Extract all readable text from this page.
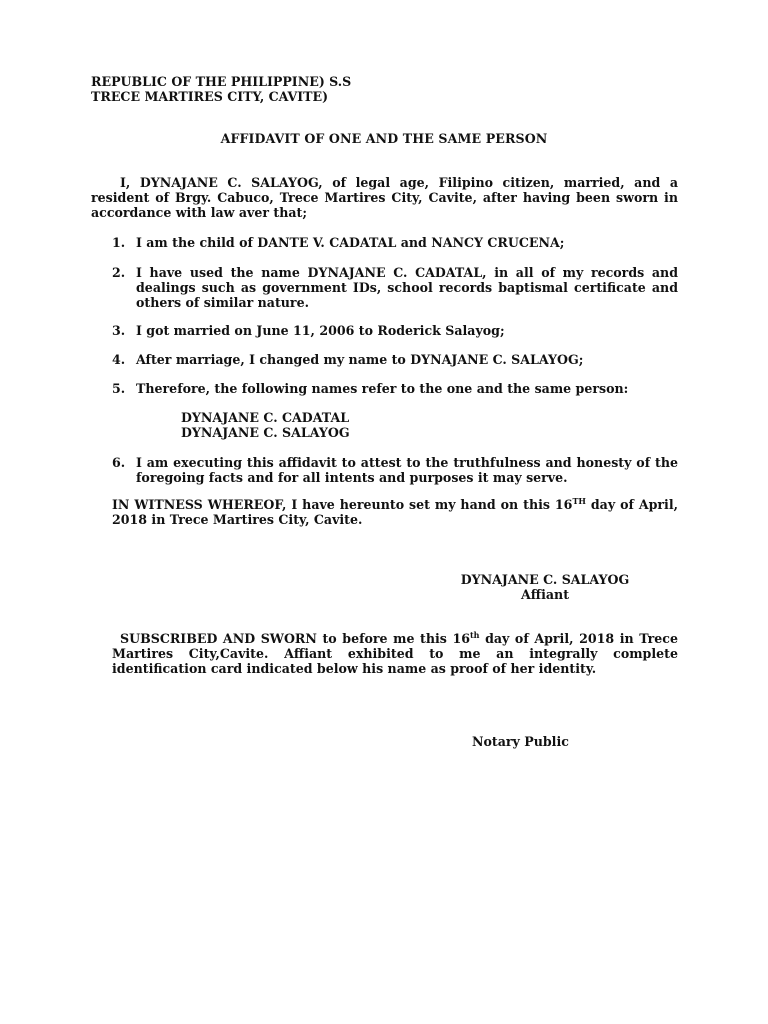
REPUBLIC OF THE PHILIPPINE) S.S
TRECE MARTIRES CITY, CAVITE)
AFFIDAVIT OF ONE AND THE SAME PERSON
I, DYNAJANE C. SALAYOG, of legal age, Filipino citizen, married, and a resident of Brgy. Cabuco, Trece Martires City, Cavite, after having been sworn in accordance with law aver that;
1. I am the child of DANTE V. CADATAL and NANCY CRUCENA;
2. I have used the name DYNAJANE C. CADATAL, in all of my records and dealings such as government IDs, school records baptismal certificate and others of similar nature.
3. I got married on June 11, 2006 to Roderick Salayog;
4. After marriage, I changed my name to DYNAJANE C. SALAYOG;
5. Therefore, the following names refer to the one and the same person:
DYNAJANE C. CADATAL
DYNAJANE C. SALAYOG
6. I am executing this affidavit to attest to the truthfulness and honesty of the foregoing facts and for all intents and purposes it may serve.
IN WITNESS WHEREOF, I have hereunto set my hand on this 16TH day of April, 2018 in Trece Martires City, Cavite.
DYNAJANE C. SALAYOG
Affiant
SUBSCRIBED AND SWORN to before me this 16th day of April, 2018 in Trece Martires City,Cavite. Affiant exhibited to me an integrally complete identification card indicated below his name as proof of her identity.
Notary Public
